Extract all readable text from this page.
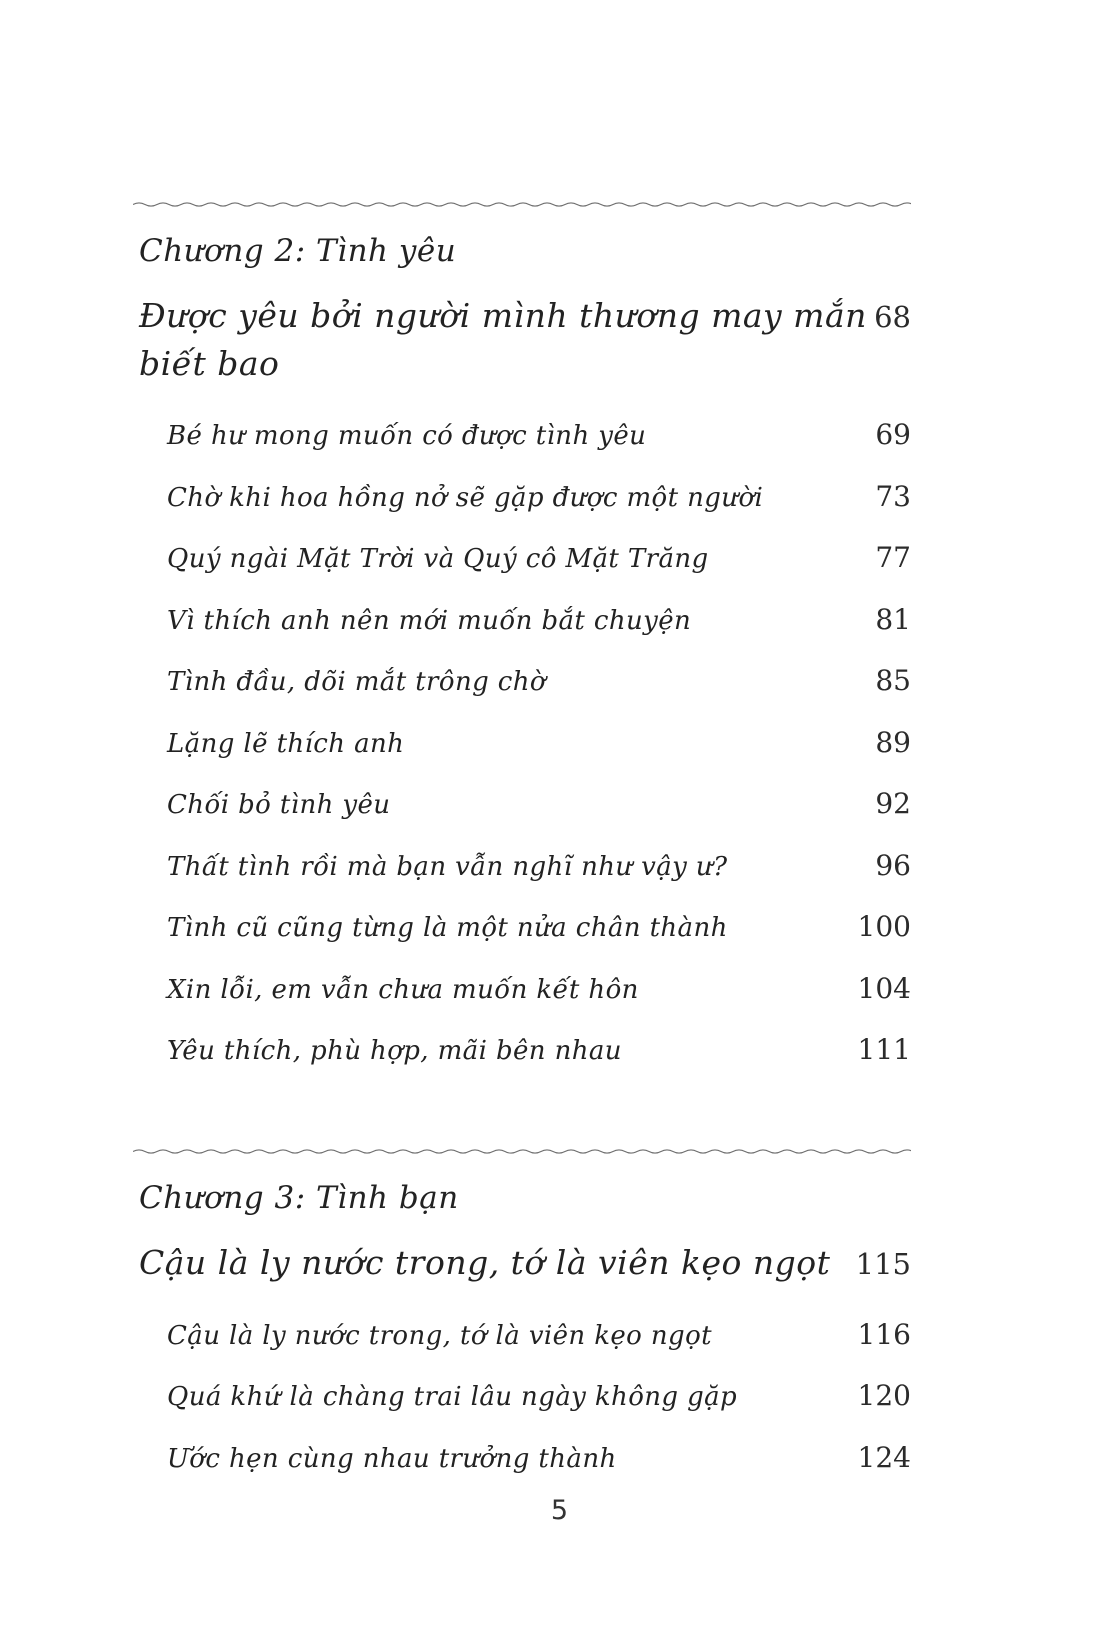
Chương 2: Tình yêu
Được yêu bởi người mình thương may mắn biết bao
68
Bé hư mong muốn có được tình yêu	69
Chờ khi hoa hồng nở sẽ gặp được một người	73
Quý ngài Mặt Trời và Quý cô Mặt Trăng	77
Vì thích anh nên mới muốn bắt chuyện	81
Tình đầu, dõi mắt trông chờ	85
Lặng lẽ thích anh	89
Chối bỏ tình yêu	92
Thất tình rồi mà bạn vẫn nghĩ như vậy ư?	96
Tình cũ cũng từng là một nửa chân thành	100
Xin lỗi, em vẫn chưa muốn kết hôn	104
Yêu thích, phù hợp, mãi bên nhau	111
Chương 3: Tình bạn
Cậu là ly nước trong, tớ là viên kẹo ngọt 115
Cậu là ly nước trong, tớ là viên kẹo ngọt	116
Quá khứ là chàng trai lâu ngày không gặp	120
Ước hẹn cùng nhau trưởng thành	124
5
